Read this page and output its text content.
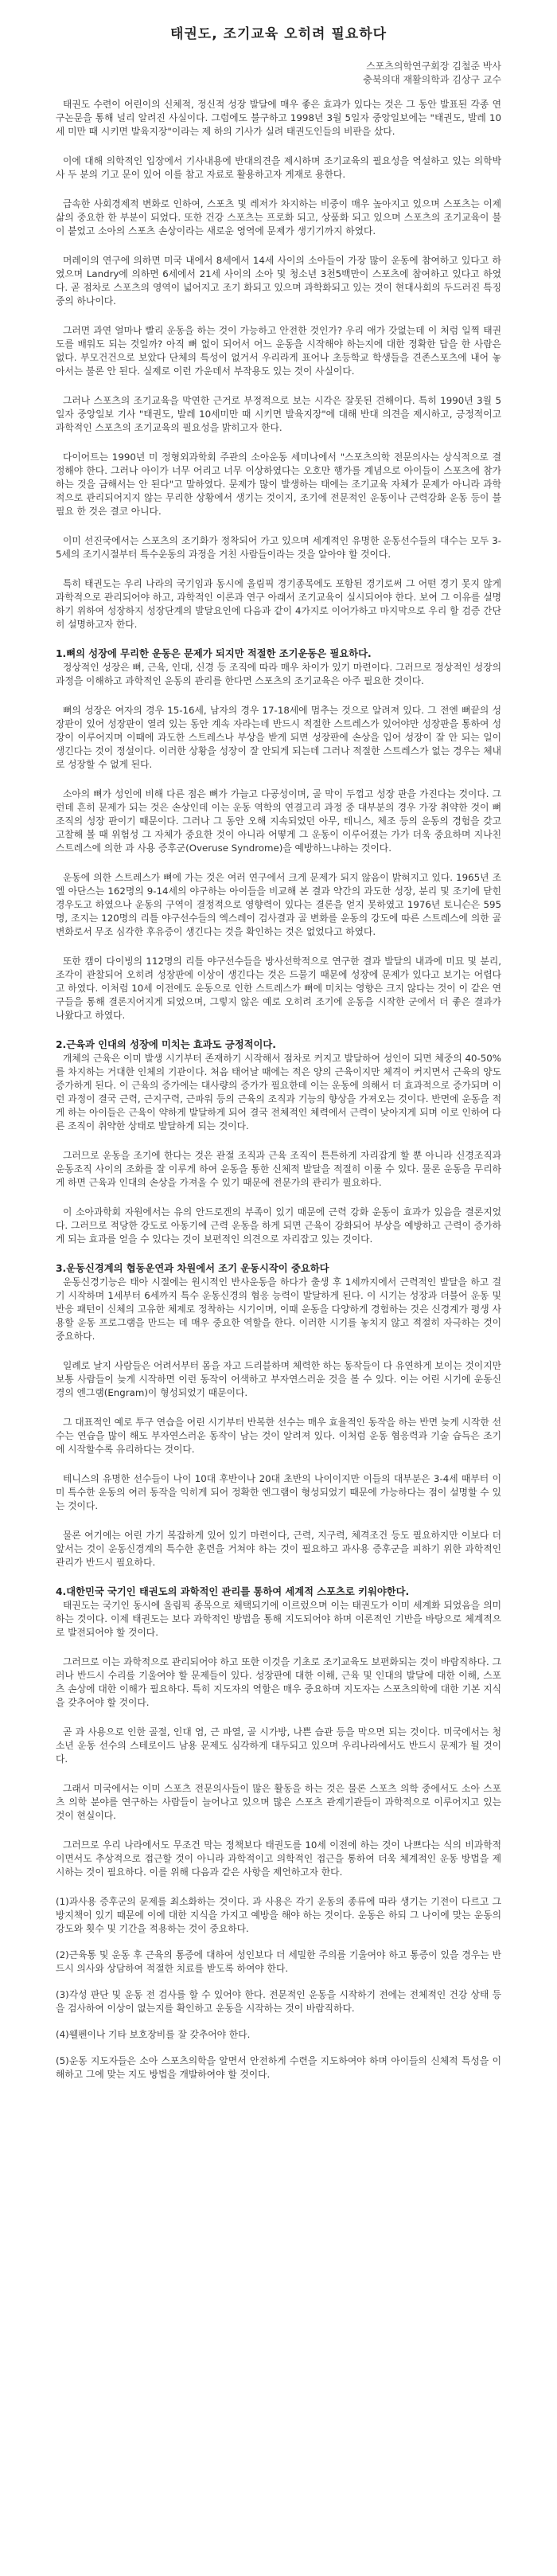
태권도, 조기교육 오히려 필요하다
스포츠의학연구회장 김철준 박사
충북의대 재활의학과 김상구 교수

태권도 수련이 어린이의 신체적, 정신적 성장 발달에 매우 좋은 효과가 있다는 것은 그 동안 발표된 각종 연구논문을 통해 널리 알려진 사실이다. 그럼에도 불구하고 1998년 3월 5일자 중앙일보에는 "태권도, 발레 10세 미만 때 시키면 발육지장"이라는 제 하의 기사가 실려 태권도인들의 비판을 샀다.

이에 대해 의학적인 입장에서 기사내용에 반대의견을 제시하며 조기교육의 필요성을 역설하고 있는 의학박사 두 분의 기고 문이 있어 이를 참고 자료로 활용하고자 게재로 용한다.

급속한 사회경제적 변화로 인하여, 스포츠 및 레저가 차지하는 비중이 매우 높아지고 있으며 스포츠는 이제 삶의 중요한 한 부분이 되었다. 또한 건강 스포츠는 프로화 되고, 상품화 되고 있으며 스포츠의 조기교육이 불이 붙었고 소아의 스포츠 손상이라는 새로운 영역에 문제가 생기기까지 하였다.

머레이의 연구에 의하면 미국 내에서 8세에서 14세 사이의 소아들이 가장 많이 운동에 참여하고 있다고 하였으며 Landry에 의하면 6세에서 21세 사이의 소아 및 청소년 3천5백만이 스포츠에 참여하고 있다고 하였다. 곧 점차로 스포츠의 영역이 넓어지고 조기 화되고 있으며 과학화되고 있는 것이 현대사회의 두드러진 특징 중의 하나이다.

그러면 과연 얼마나 빨리 운동을 하는 것이 가능하고 안전한 것인가? 우리 애가 갓없는데 이 처럼 일찍 태권도를 배워도 되는 것일까? 아직 뼈 없이 되어서 어느 운동을 시작해야 하는지에 대한 정확한 답을 한 사람은 없다. 부모건건으로 보았다 단체의 특성이 없거서 우리라게 표어나 초등학교 학생들을 견존스포츠에 내어 놓아서는 불론 안 된다. 실제로 이런 가운데서 부작용도 있는 것이 사실이다.

그러나 스포츠의 조기교육을 막연한 근거로 부정적으로 보는 시각은 잘못된 견해이다. 특히 1990년 3월 5일자 중앙일보 기사 "태권도, 발레 10세미만 때 시키면 발육지장"에 대해 반대 의견을 제시하고, 긍정적이고 과학적인 스포츠의 조기교육의 필요성을 밝히고자 한다.

다이어트는 1990년 미 정형외과학회 주관의 소아운동 세미나에서 "스포츠의학 전문의사는 상식적으로 결정해야 한다. 그러나 아이가 너무 어리고 너무 이상하였다는 오호만 행가를 계념으로 아이들이 스포츠에 참가하는 것을 금해서는 안 된다"고 말하였다. 문제가 많이 발생하는 태에는 조기교육 자체가 문제가 아니라 과학적으로 관리되어지지 않는 무리한 상황에서 생기는 것이지, 조기에 전문적인 운동이나 근력강화 운동 등이 불필요 한 것은 결코 아니다.

이미 선진국에서는 스포츠의 조기화가 정착되어 가고 있으며 세계적인 유명한 운동선수들의 대수는 모두 3-5세의 조기시절부터 특수운동의 과정을 거친 사람들이라는 것을 알아야 할 것이다.

특히 태권도는 우리 나라의 국기임과 동시에 올림픽 경기종목에도 포함된 경기로써 그 어떤 경기 못지 않게 과학적으로 관리되어야 하고, 과학적인 이론과 연구 아래서 조기교육이 실시되어야 한다. 보여 그 이유를 설명하기 위하여 성장하지 성장단계의 발달요인에 다음과 같이 4가지로 이어가하고 마지막으로 우리 할 검증 간단히 설명하고자 한다.

1.뼈의 성장에 무리한 운동은 문제가 되지만 적절한 조기운동은 필요하다.

정상적인 성장은 뼈, 근육, 인대, 신경 등 조직에 따라 매우 차이가 있기 마련이다. 그러므로 정상적인 성장의 과정을 이해하고 과학적인 운동의 관리를 한다면 스포츠의 조기교육은 아주 필요한 것이다.

뼈의 성장은 여자의 경우 15-16세, 남자의 경우 17-18세에 멈추는 것으로 알려져 있다. 그 전엔 뼈끝의 성장판이 있어 성장판이 열려 있는 동안 계속 자라는데 반드시 적절한 스트레스가 있어야만 성장판을 통하여 성장이 이루어지며 이때에 과도한 스트레스나 부상을 받게 되면 성장판에 손상을 입어 성장이 잘 안 되는 일이 생긴다는 것이 정설이다. 이러한 상황을 성장이 잘 안되게 되는데 그러나 적절한 스트레스가 없는 경우는 체내로 성장할 수 없게 된다.

소아의 뼈가 성인에 비해 다른 점은 뼈가 가늘고 다공성이며, 골 막이 두껍고 성장 판을 가진다는 것이다. 그런데 흔히 문제가 되는 것은 손상인데 이는 운동 역학의 연결고리 과정 중 대부분의 경우 가장 취약한 것이 뼈조직의 성장 판이기 때문이다. 그러나 그 동안 오해 지속되었던 아무, 테니스, 체조 등의 운동의 경험을 갖고 고찰해 볼 때 위험성 그 자체가 중요한 것이 아니라 어떻게 그 운동이 이루어졌는 가가 더욱 중요하며 지나친 스트레스에 의한 과 사용 증후군(Overuse Syndrome)을 예방하느냐하는 것이다.

운동에 의한 스트레스가 뼈에 가는 것은 여러 연구에서 크게 문제가 되지 않음이 밝혀지고 있다. 1965년 조엘 아단스는 162명의 9-14세의 야구하는 아이들을 비교해 본 결과 약간의 과도한 성장, 분리 및 조기에 닫힌 경우도고 하였으나 운동의 구역이 결정적으로 영향력이 있다는 결론을 얻지 못하였고 1976년 토니슨은 595명, 조지는 120명의 리틀 야구선수들의 엑스레이 검사결과 골 변화를 운동의 강도에 따른 스트레스에 의한 골 변화로서 무조 심각한 후유증이 생긴다는 것을 확인하는 것은 없었다고 하였다.

또한 캠이 다이빙의 112명의 리틀 야구선수들을 방사선학적으로 연구한 결과 발달의 내과에 미묘 및 분리, 조각이 관찰되어 오히려 성장판에 이상이 생긴다는 것은 드물기 때문에 성장에 문제가 있다고 보기는 어렵다고 하였다. 이처럼 10세 이전에도 운동으로 인한 스트레스가 뼈에 미치는 영향은 크지 않다는 것이 이 같은 연구들을 통해 결론지어지게 되었으며, 그렇지 않은 예로 오히려 조기에 운동을 시작한 군에서 더 좋은 결과가 나왔다고 하였다.

2.근육과 인대의 성장에 미치는 효과도 긍정적이다.

개체의 근육은 이미 발생 시기부터 존재하기 시작해서 점차로 커지고 발달하여 성인이 되면 체중의 40-50%를 차지하는 거대한 인체의 기관이다. 처음 태어날 때에는 적은 양의 근육이지만 체격이 커지면서 근육의 양도 증가하게 된다. 이 근육의 증가에는 대사량의 증가가 필요한데 이는 운동에 의해서 더 효과적으로 증가되며 이런 과정이 결국 근력, 근지구력, 근파워 등의 근육의 조직과 기능의 향상을 가져오는 것이다. 반면에 운동을 적게 하는 아이들은 근육이 약하게 발달하게 되어 결국 전체적인 체력에서 근력이 낮아지게 되며 이로 인하여 다른 조직이 취약한 상태로 발달하게 되는 것이다.

그러므로 운동을 조기에 한다는 것은 관절 조직과 근육 조직이 튼튼하게 자리잡게 할 뿐 아니라 신경조직과 운동조직 사이의 조화를 잘 이루게 하여 운동을 통한 신체적 발달을 적절히 이룰 수 있다. 물론 운동을 무리하게 하면 근육과 인대의 손상을 가져올 수 있기 때문에 전문가의 관리가 필요하다.

이 소아과학회 자원에서는 유의 안드로겐의 부족이 있기 때문에 근력 강화 운동이 효과가 있음을 결론지었다. 그러므로 적당한 강도로 아동기에 근력 운동을 하게 되면 근육이 강화되어 부상을 예방하고 근력이 증가하게 되는 효과를 얻을 수 있다는 것이 보편적인 의견으로 자리잡고 있는 것이다.

3.운동신경계의 협동운연과 차원에서 조기 운동시작이 중요하다

운동신경기능은 태아 시절에는 원시적인 반사운동을 하다가 출생 후 1세까지에서 근력적인 발달을 하고 걸기 시작하며 1세부터 6세까지 특수 운동신경의 협응 능력이 발달하게 된다. 이 시기는 성장과 더불어 운동 및 반응 패턴이 신체의 고유한 체제로 정착하는 시기이며, 이때 운동을 다양하게 경험하는 것은 신경계가 평생 사용할 운동 프로그램을 만드는 데 매우 중요한 역할을 한다. 이러한 시기를 놓치지 않고 적절히 자극하는 것이 중요하다.

일례로 날지 사람들은 어려서부터 몸을 자고 드리블하며 체력한 하는 동작들이 다 유연하게 보이는 것이지만 보통 사람들이 늦게 시작하면 이런 동작이 어색하고 부자연스러운 것을 볼 수 있다. 이는 어린 시기에 운동신경의 엔그램(Engram)이 형성되었기 때문이다.

그 대표적인 예로 투구 연습을 어린 시기부터 반복한 선수는 매우 효율적인 동작을 하는 반면 늦게 시작한 선수는 연습을 많이 해도 부자연스러운 동작이 남는 것이 알려져 있다. 이처럼 운동 협응력과 기술 습득은 조기에 시작할수록 유리하다는 것이다.

테니스의 유명한 선수들이 나이 10대 후반이나 20대 초반의 나이이지만 이들의 대부분은 3-4세 때부터 이미 특수한 운동의 여러 동작을 익히게 되어 정확한 엔그램이 형성되었기 때문에 가능하다는 점이 설명할 수 있는 것이다.

물론 여기에는 어린 가기 복잡하게 있어 있기 마련이다, 근력, 지구력, 체격조건 등도 필요하지만 이보다 더 앞서는 것이 운동신경계의 특수한 훈련을 거쳐야 하는 것이 필요하고 과사용 증후군을 피하기 위한 과학적인 관리가 반드시 필요하다.

4.대한민국 국기인 태권도의 과학적인 관리를 통하여 세계적 스포츠로 키워야한다.

태권도는 국기인 동시에 올림픽 종목으로 채택되기에 이르렀으며 이는 태권도가 이미 세계화 되었음을 의미하는 것이다. 이제 태권도는 보다 과학적인 방법을 통해 지도되어야 하며 이론적인 기반을 바탕으로 체계적으로 발전되어야 할 것이다.

그러므로 이는 과학적으로 관리되어야 하고 또한 이것을 기초로 조기교육도 보편화되는 것이 바람직하다. 그러나 반드시 수리를 기울여야 할 문제들이 있다. 성장판에 대한 이해, 근육 및 인대의 발달에 대한 이해, 스포츠 손상에 대한 이해가 필요하다. 특히 지도자의 역할은 매우 중요하며 지도자는 스포츠의학에 대한 기본 지식을 갖추어야 할 것이다.

곧 과 사용으로 인한 골절, 인대 염, 근 파열, 골 시가방, 나쁜 습관 등을 막으면 되는 것이다. 미국에서는 청소년 운동 선수의 스테로이드 남용 문제도 심각하게 대두되고 있으며 우리나라에서도 반드시 문제가 될 것이다.

그래서 미국에서는 이미 스포츠 전문의사들이 많은 활동을 하는 것은 물론 스포츠 의학 중에서도 소아 스포츠 의학 분야를 연구하는 사람들이 늘어나고 있으며 많은 스포츠 관계기관들이 과학적으로 이루어지고 있는 것이 현실이다.

그러므로 우리 나라에서도 무조건 막는 정책보다 태권도를 10세 이전에 하는 것이 나쁘다는 식의 비과학적이면서도 추상적으로 접근할 것이 아니라 과학적이고 의학적인 접근을 통하여 더욱 체계적인 운동 방법을 제시하는 것이 필요하다. 이를 위해 다음과 같은 사항을 제언하고자 한다.

(1)과사용 증후군의 문제를 최소화하는 것이다. 과 사용은 각기 운동의 종류에 따라 생기는 기전이 다르고 그 방지책이 있기 때문에 이에 대한 지식을 가지고 예방을 해야 하는 것이다. 운동은 하되 그 나이에 맞는 운동의 강도와 횟수 및 기간을 적용하는 것이 중요하다.

(2)근육통 및 운동 후 근육의 통증에 대하여 성인보다 더 세밀한 주의를 기울여야 하고 통증이 있을 경우는 반드시 의사와 상담하여 적절한 치료를 받도록 하여야 한다.

(3)각성 판단 및 운동 전 검사를 할 수 있어야 한다. 전문적인 운동을 시작하기 전에는 전체적인 건강 상태 등을 검사하여 이상이 없는지를 확인하고 운동을 시작하는 것이 바람직하다.

(4)웰펜이나 기타 보호장비를 잘 갖추어야 한다.

(5)운동 지도자들은 소아 스포츠의학을 알면서 안전하게 수련을 지도하여야 하며 아이들의 신체적 특성을 이해하고 그에 맞는 지도 방법을 개발하여야 할 것이다.
